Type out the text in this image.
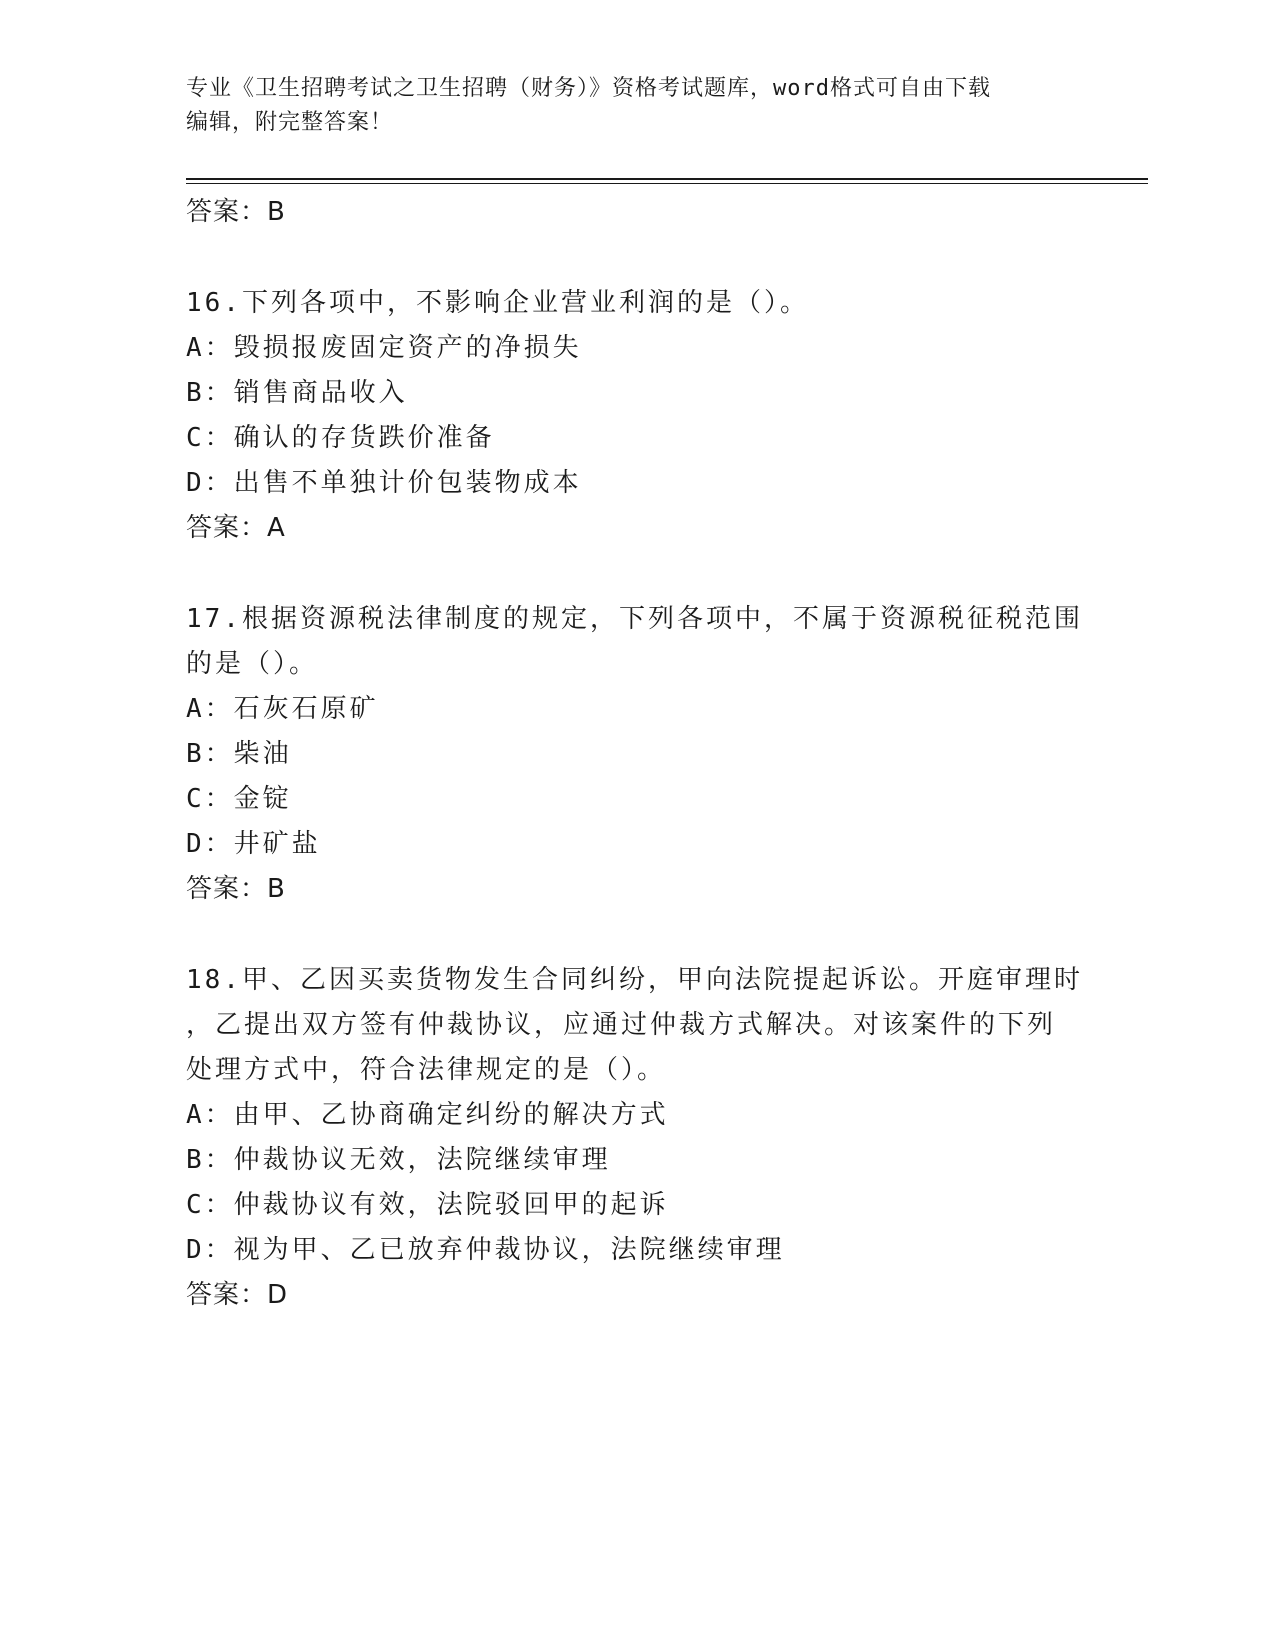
专业《卫生招聘考试之卫生招聘（财务）》资格考试题库，word格式可自由下载
编辑，附完整答案！
答案：B
16.下列各项中，不影响企业营业利润的是（）。
A：毁损报废固定资产的净损失
B：销售商品收入
C：确认的存货跌价准备
D：出售不单独计价包装物成本
答案：A
17.根据资源税法律制度的规定，下列各项中，不属于资源税征税范围
的是（）。
A：石灰石原矿
B：柴油
C：金锭
D：井矿盐
答案：B
18.甲、乙因买卖货物发生合同纠纷，甲向法院提起诉讼。开庭审理时
，乙提出双方签有仲裁协议，应通过仲裁方式解决。对该案件的下列
处理方式中，符合法律规定的是（）。
A：由甲、乙协商确定纠纷的解决方式
B：仲裁协议无效，法院继续审理
C：仲裁协议有效，法院驳回甲的起诉
D：视为甲、乙已放弃仲裁协议，法院继续审理
答案：D
